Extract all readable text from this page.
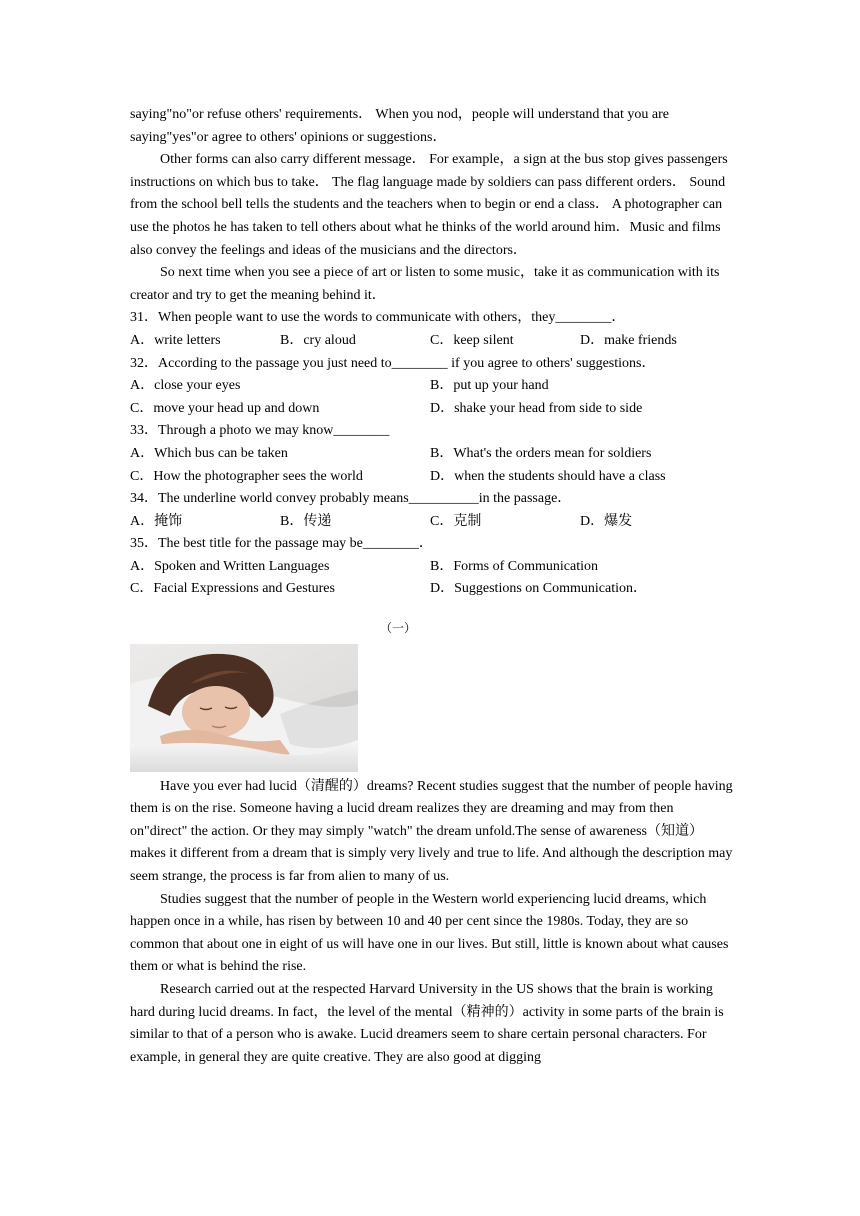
saying"no"or refuse others' requirements． When you nod，people will understand that you are saying"yes"or agree to others' opinions or suggestions．

Other forms can also carry different message． For example，a sign at the bus stop gives passengers instructions on which bus to take． The flag language made by soldiers can pass different orders． Sound from the school bell tells the students and the teachers when to begin or end a class． A photographer can use the photos he has taken to tell others about what he thinks of the world around him．Music and films also convey the feelings and ideas of the musicians and the directors．

So next time when you see a piece of art or listen to some music，take it as communication with its creator and try to get the meaning behind it．

31．When people want to use the words to communicate with others，they________．

A．write letters	B．cry aloud	C．keep silent	D．make friends

32．According to the passage you just need to________ if you agree to others' suggestions．

A．close your eyes	B．put up your hand
C．move your head up and down	D．shake your head from side to side

33．Through a photo we may know________

A．Which bus can be taken	B．What's the orders mean for soldiers
C．How the photographer sees the world	D．when the students should have a class

34．The underline world convey probably means__________in the passage．

A．掩饰	B．传递	C．克制	D．爆发

35．The best title for the passage may be________．

A．Spoken and Written Languages	B．Forms of Communication
C．Facial Expressions and Gestures	D．Suggestions on Communication．
（一）

Have you ever had lucid（清醒的）dreams? Recent studies suggest that the number of people having them is on the rise. Someone having a lucid dream realizes they are dreaming and may from then on"direct" the action. Or they may simply "watch" the dream unfold.The sense of awareness（知道）makes it different from a dream that is simply very lively and true to life. And although the description may seem strange, the process is far from alien to many of us.

Studies suggest that the number of people in the Western world experiencing lucid dreams, which happen once in a while, has risen by between 10 and 40 per cent since the 1980s. Today, they are so common that about one in eight of us will have one in our lives. But still, little is known about what causes them or what is behind the rise.

Research carried out at the respected Harvard University in the US shows that the brain is working hard during lucid dreams. In fact，the level of the mental（精神的）activity in some parts of the brain is similar to that of a person who is awake. Lucid dreamers seem to share certain personal characters. For example, in general they are quite creative. They are also good at digging
